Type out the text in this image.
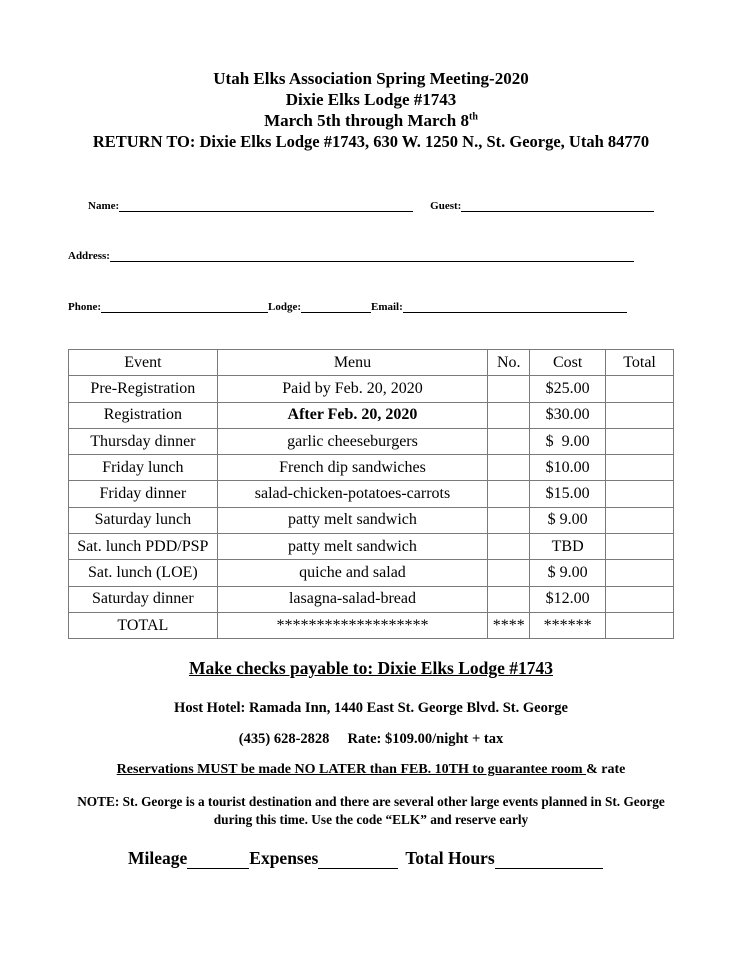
Utah Elks Association Spring Meeting-2020
Dixie Elks Lodge #1743
March 5th through March 8th
RETURN TO: Dixie Elks Lodge #1743, 630 W. 1250 N., St. George, Utah 84770
Name:	Guest:
Address:
Phone:	Lodge:	Email:
Event	Menu	No.	Cost	Total
Pre-Registration	Paid by Feb. 20, 2020		$25.00	
Registration	After Feb. 20, 2020		$30.00	
Thursday dinner	garlic cheeseburgers		$  9.00	
Friday lunch	French dip sandwiches		$10.00	
Friday dinner	salad-chicken-potatoes-carrots		$15.00	
Saturday lunch	patty melt sandwich		$ 9.00	
Sat. lunch PDD/PSP	patty melt sandwich		TBD	
Sat. lunch (LOE)	quiche and salad		$ 9.00	
Saturday dinner	lasagna-salad-bread		$12.00	
TOTAL	*******************	****	******	
Make checks payable to: Dixie Elks Lodge #1743
Host Hotel: Ramada Inn, 1440 East St. George Blvd. St. George
(435) 628-2828     Rate: $109.00/night + tax
Reservations MUST be made NO LATER than FEB. 10TH to guarantee room & rate
NOTE: St. George is a tourist destination and there are several other large events planned in St. George during this time. Use the code “ELK” and reserve early
Mileage	Expenses	Total Hours
